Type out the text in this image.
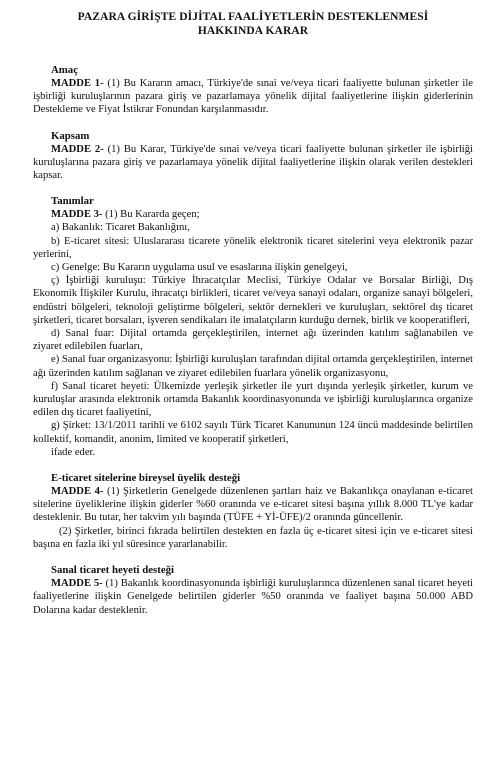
PAZARA GİRİŞTE DİJİTAL FAALİYETLERİN DESTEKLENMESİ
HAKKINDA KARAR
Amaç

MADDE 1- (1) Bu Kararın amacı, Türkiye'de sınai ve/veya ticari faaliyette bulunan şirketler ile işbirliği kuruluşlarının pazara giriş ve pazarlamaya yönelik dijital faaliyetlerine ilişkin giderlerinin Destekleme ve Fiyat İstikrar Fonundan karşılanmasıdır.

Kapsam

MADDE 2- (1) Bu Karar, Türkiye'de sınai ve/veya ticari faaliyette bulunan şirketler ile işbirliği kuruluşlarına pazara giriş ve pazarlamaya yönelik dijital faaliyetlerine ilişkin olarak verilen destekleri kapsar.

Tanımlar

MADDE 3- (1) Bu Kararda geçen;

a) Bakanlık: Ticaret Bakanlığını,

b) E-ticaret sitesi: Uluslararası ticarete yönelik elektronik ticaret sitelerini veya elektronik pazar yerlerini,

c) Genelge: Bu Kararın uygulama usul ve esaslarına ilişkin genelgeyi,

ç) İşbirliği kuruluşu: Türkiye İhracatçılar Meclisi, Türkiye Odalar ve Borsalar Birliği, Dış Ekonomik İlişkiler Kurulu, ihracatçı birlikleri, ticaret ve/veya sanayi odaları, organize sanayi bölgeleri, endüstri bölgeleri, teknoloji geliştirme bölgeleri, sektör dernekleri ve kuruluşları, sektörel dış ticaret şirketleri, ticaret borsaları, işveren sendikaları ile imalatçıların kurduğu dernek, birlik ve kooperatifleri,

d) Sanal fuar: Dijital ortamda gerçekleştirilen, internet ağı üzerinden katılım sağlanabilen ve ziyaret edilebilen fuarları,

e) Sanal fuar organizasyonu: İşbirliği kuruluşları tarafından dijital ortamda gerçekleştirilen, internet ağı üzerinden katılım sağlanan ve ziyaret edilebilen fuarlara yönelik organizasyonu,

f) Sanal ticaret heyeti: Ülkemizde yerleşik şirketler ile yurt dışında yerleşik şirketler, kurum ve kuruluşlar arasında elektronik ortamda Bakanlık koordinasyonunda ve işbirliği kuruluşlarınca organize edilen dış ticaret faaliyetini,

g) Şirket: 13/1/2011 tarihli ve 6102 sayılı Türk Ticaret Kanununun 124 üncü maddesinde belirtilen kollektif, komandit, anonim, limited ve kooperatif şirketleri,

ifade eder.

E-ticaret sitelerine bireysel üyelik desteği

MADDE 4- (1) Şirketlerin Genelgede düzenlenen şartları haiz ve Bakanlıkça onaylanan e-ticaret sitelerine üyeliklerine ilişkin giderler %60 oranında ve e-ticaret sitesi başına yıllık 8.000 TL'ye kadar desteklenir. Bu tutar, her takvim yılı başında (TÜFE + Yİ-ÜFE)/2 oranında güncellenir.

(2) Şirketler, birinci fıkrada belirtilen destekten en fazla üç e-ticaret sitesi için ve e-ticaret sitesi başına en fazla iki yıl süresince yararlanabilir.

Sanal ticaret heyeti desteği

MADDE 5- (1) Bakanlık koordinasyonunda işbirliği kuruluşlarınca düzenlenen sanal ticaret heyeti faaliyetlerine ilişkin Genelgede belirtilen giderler %50 oranında ve faaliyet başına 50.000 ABD Dolarına kadar desteklenir.
